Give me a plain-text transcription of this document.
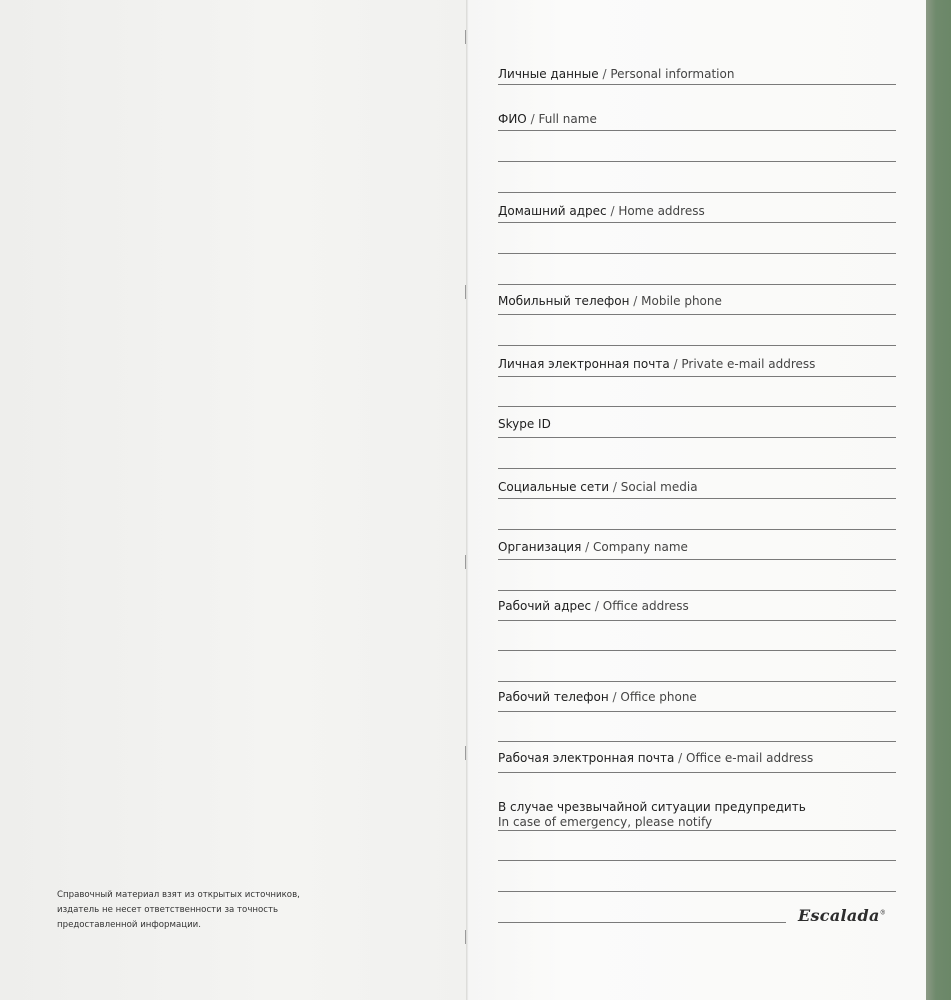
Справочный материал взят из открытых источников, издатель не несет ответственности за точность предоставленной информации.
Личные данные / Personal information
ФИО / Full name
Домашний адрес / Home address
Мобильный телефон / Mobile phone
Личная электронная почта / Private e-mail address
Skype ID
Социальные сети / Social media
Организация / Company name
Рабочий адрес / Office address
Рабочий телефон / Office phone
Рабочая электронная почта / Office e-mail address
В случае чрезвычайной ситуации предупредить
In case of emergency, please notify
Escalada®
